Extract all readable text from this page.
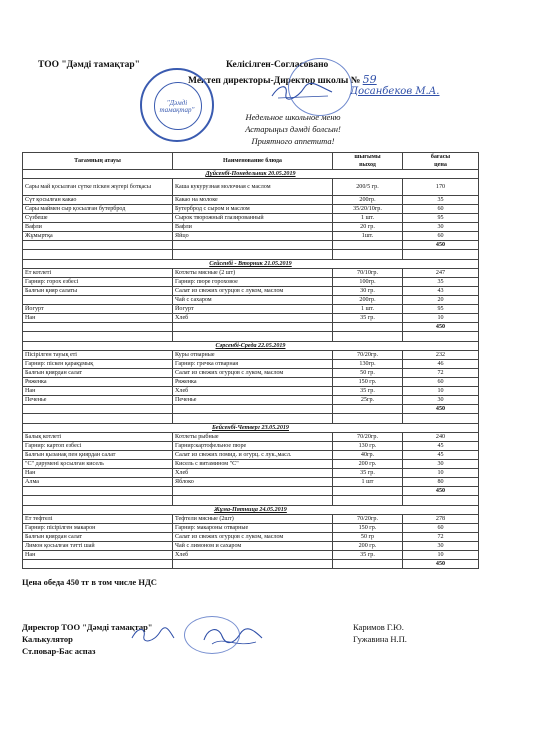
ТОО "Дәмді тамақтар"	Келісілген-Согласовано
Мектеп директоры-Директор школы № 59
Досанбеков М.А.
"Дәмді
тамақтар"
Недельное школьное меню
Астарыңыз дәмді болсын!
Приятного аппетита!
Тағамның атауы	Наименование блюда	шығымы	бағасы
		выход	цена
Дүйсенбі-Понедельник 20.05.2019			
Сары май қосылған сүтке піскен жүгері ботқасы	Каша кукурузная молочная с маслом	200/5 гр.	170
Сүт қосылған какао	Какао на молоке	200гр.	35
Сары маймен сыр қосылған бутерброд	Бутерброд с сыром и маслом	35/20/10гр.	60
Сүзбеше	Сырок творожный глазированный	1 шт.	95
Вафли	Вафли	20 гр.	30
Жұмыртқа	Яйцо	1шт.	60
			450

Сейсенбі - Вторник 21.05.2019			
Ет котлеті	Котлеты мясные (2 шт)	70/10гр.	247
Гарнир: горох езбесі	Гарнир: пюре гороховое	100гр.	35
Балғын қияр салаты	Салат из свежих огурцов с луком, маслом	30 гр.	43
	Чай с сахаром	200гр.	20
Йогурт	Йогурт	1 шт.	95
Нан	Хлеб	35 гр.	10
			450

Сәрсенбі-Среда 22.05.2019			
Пісірілген тауық еті	Куры отварные	70/20гр.	232
Гарнир: піскен қарақұмық	Гарнир: гречка отварная	130гр.	46
Балғын қиярдан салат	Салат из свежих огурцов с луком, маслом	50 гр.	72
Ряженка	Ряженка	150 гр.	60
Нан	Хлеб	35 гр.	10
Печенье	Печенье	25гр.	30
			450

Бейсенбі-Четверг 23.05.2019			
Балық котлеті	Котлеты рыбные	70/20гр.	240
Гарнир: картоп езбесі	Гарнир:картофельное пюре	130 гр.	45
Балғын қызанақ пен қиярдан салат	Салат из свежих помид. и огурц. с лук.,масл.	40гр.	45
"С" дәрумені қосылған кисель	Кисель с витамином "С"	200 гр.	30
Нан	Хлеб	35 гр.	10
Алма	Яблоко	1 шт	80
			450

Жұма-Пятница 24.05.2019			
Ет тефтелі	Тефтели мясные (2шт)	70/20гр.	278
Гарнир: пісірілген макарон	Гарнир: макароны отварные	150 гр.	60
Балғын қиярдан салат	Салат из свежих огурцов с луком, маслом	50 гр	72
Лимон қосылған тәтті шай	Чай с лимоном и сахаром	200 гр.	30
Нан	Хлеб	35 гр.	10
			450
Цена обеда 450 тг в том числе НДС
Директор ТОО "Дәмді тамақтар"	Каримов Г.Ю.
Калькулятор	Гужавина Н.П.
Ст.повар-Бас аспаз
